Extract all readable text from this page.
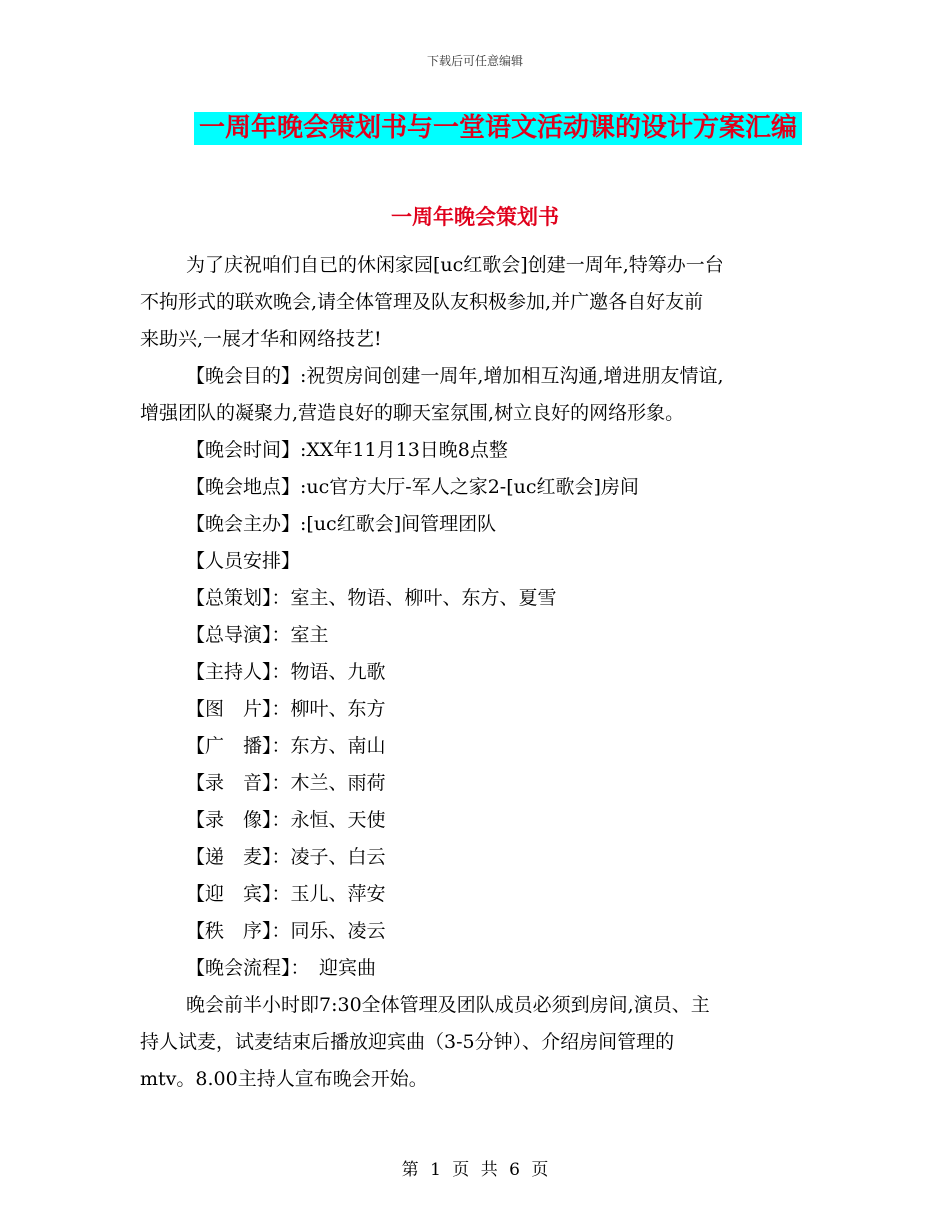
下载后可任意编辑
一周年晚会策划书与一堂语文活动课的设计方案汇编
一周年晚会策划书
为了庆祝咱们自已的休闲家园[uc红歌会]创建一周年,特筹办一台
不拘形式的联欢晚会,请全体管理及队友积极参加,并广邀各自好友前
来助兴,一展才华和网络技艺!
【晚会目的】:祝贺房间创建一周年,增加相互沟通,增进朋友情谊,
增强团队的凝聚力,营造良好的聊天室氛围,树立良好的网络形象。
【晚会时间】:XX年11月13日晚8点整
【晚会地点】:uc官方大厅-军人之家2-[uc红歌会]房间
【晚会主办】:[uc红歌会]间管理团队
【人员安排】
【总策划】：室主、物语、柳叶、东方、夏雪
【总导演】：室主
【主持人】：物语、九歌
【图　片】：柳叶、东方
【广　播】：东方、南山
【录　音】：木兰、雨荷
【录　像】：永恒、天使
【递　麦】：凌子、白云
【迎　宾】：玉儿、萍安
【秩　序】：同乐、凌云
【晚会流程】：　迎宾曲
晚会前半小时即7:30全体管理及团队成员必须到房间,演员、主
持人试麦，试麦结束后播放迎宾曲（3-5分钟）、介绍房间管理的
mtv。8.00主持人宣布晚会开始。
第 1 页 共 6 页
